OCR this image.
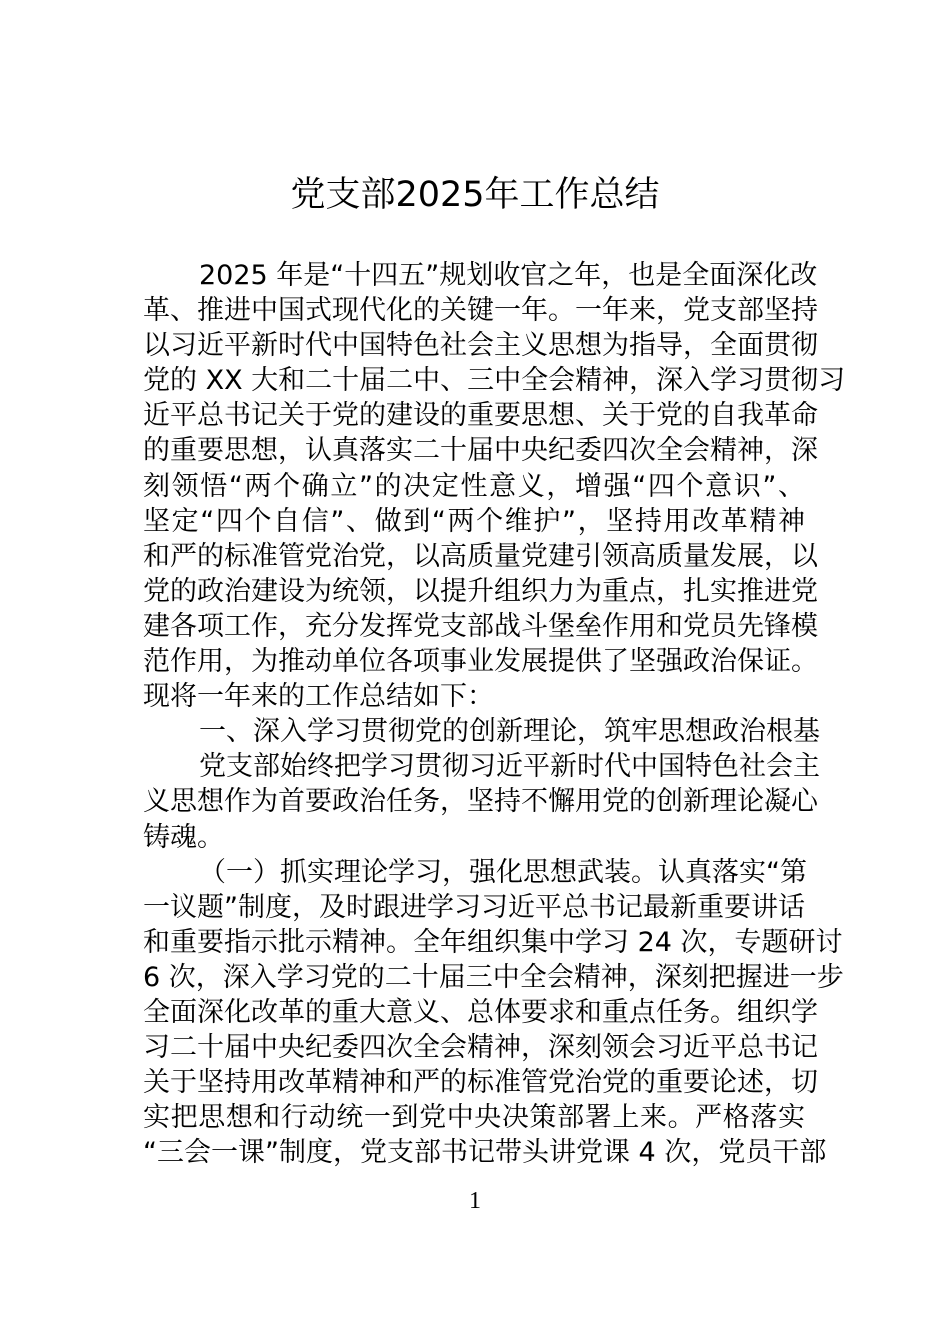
党支部2025年工作总结
2025 年是“十四五”规划收官之年，也是全面深化改
革、推进中国式现代化的关键一年。一年来，党支部坚持
以习近平新时代中国特色社会主义思想为指导，全面贯彻
党的 XX 大和二十届二中、三中全会精神，深入学习贯彻习
近平总书记关于党的建设的重要思想、关于党的自我革命
的重要思想，认真落实二十届中央纪委四次全会精神，深
刻领悟“两个确立”的决定性意义，增强“四个意识”、
坚定“四个自信”、做到“两个维护”，坚持用改革精神
和严的标准管党治党，以高质量党建引领高质量发展，以
党的政治建设为统领，以提升组织力为重点，扎实推进党
建各项工作，充分发挥党支部战斗堡垒作用和党员先锋模
范作用，为推动单位各项事业发展提供了坚强政治保证。
现将一年来的工作总结如下：
一、深入学习贯彻党的创新理论，筑牢思想政治根基
党支部始终把学习贯彻习近平新时代中国特色社会主
义思想作为首要政治任务，坚持不懈用党的创新理论凝心
铸魂。
（一）抓实理论学习，强化思想武装。认真落实“第
一议题”制度，及时跟进学习习近平总书记最新重要讲话
和重要指示批示精神。全年组织集中学习 24 次，专题研讨
6 次，深入学习党的二十届三中全会精神，深刻把握进一步
全面深化改革的重大意义、总体要求和重点任务。组织学
习二十届中央纪委四次全会精神，深刻领会习近平总书记
关于坚持用改革精神和严的标准管党治党的重要论述，切
实把思想和行动统一到党中央决策部署上来。严格落实
“三会一课”制度，党支部书记带头讲党课 4 次，党员干部
1
